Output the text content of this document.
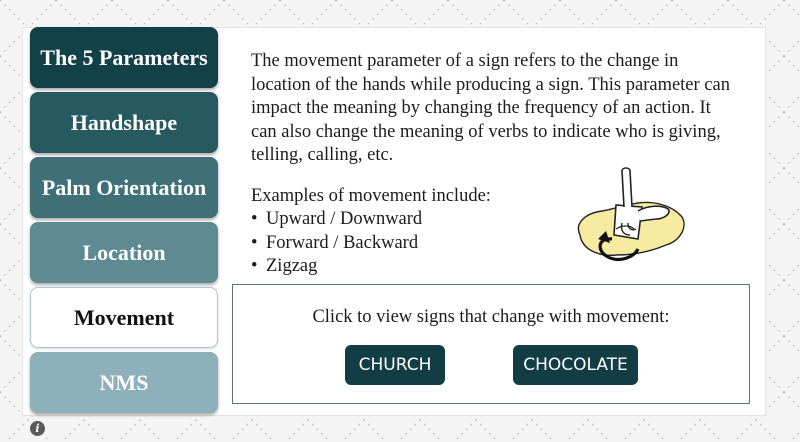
The 5 Parameters
Handshape
Palm Orientation
Location
Movement
NMS

The movement parameter of a sign refers to the change in location of the hands while producing a sign. This parameter can impact the meaning by changing the frequency of an action. It can also change the meaning of verbs to indicate who is giving, telling, calling, etc.

Examples of movement include:
• Upward / Downward
• Forward / Backward
• Zigzag
Click to view signs that change with movement:
CHURCH	CHOCOLATE
i
